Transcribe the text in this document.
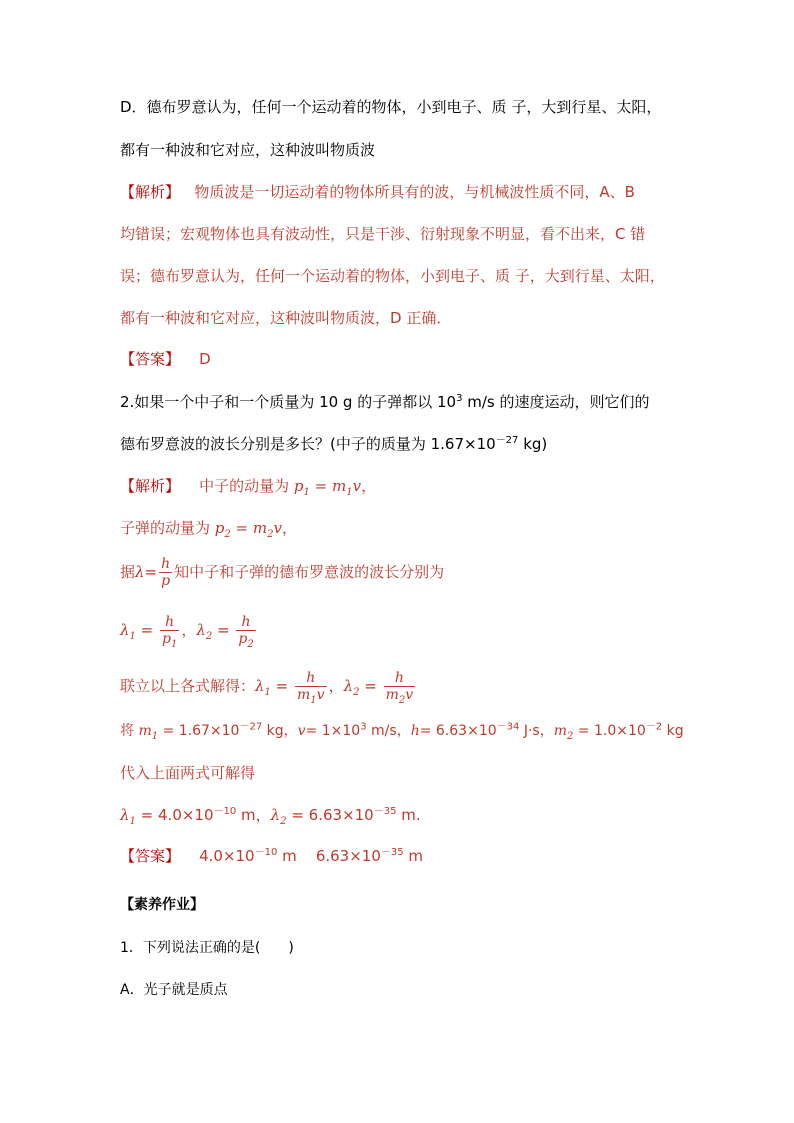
D．德布罗意认为，任何一个运动着的物体，小到电子、质 子，大到行星、太阳，
都有一种波和它对应，这种波叫物质波
【解析】 物质波是一切运动着的物体所具有的波，与机械波性质不同，A、B
均错误；宏观物体也具有波动性，只是干涉、衍射现象不明显，看不出来，C 错
误；德布罗意认为，任何一个运动着的物体，小到电子、质 子，大到行星、太阳，
都有一种波和它对应，这种波叫物质波，D 正确．
【答案】 D
2.如果一个中子和一个质量为 10 g 的子弹都以 $10^3$ m/s 的速度运动，则它们的
德布罗意波的波长分别是多长？(中子的质量为 $1.67\times 10^{-27}$ kg)
【解析】 中子的动量为 $p_1 = m_1v$，
子弹的动量为 $p_2 = m_2v$，
据$\lambda= \frac{h}{p}$ 知中子和子弹的德布罗意波的波长分别为
$\lambda_1 = \frac{h}{p_1}$ ，$\lambda_2 = \frac{h}{p_2}$
联立以上各式解得：$\lambda_1 = \frac{h}{m_1v}$ ，$\lambda_2 = \frac{h}{m_2v}$
将 $m_1 = 1.67\times 10^{-27}$ kg，$v= 1\times 10^3$ m/s，$h= 6.63\times 10^{-34}$ J·s，$m_2 = 1.0\times 10^{-2}$ kg
代入上面两式可解得
$\lambda_1 = 4.0\times 10^{-10}$ m，$\lambda_2 = 6.63\times 10^{-35}$ m.
【答案】 $4.0\times 10^{-10}$ m $6.63\times 10^{-35}$ m
【素养作业】
1．下列说法正确的是(　　)
A．光子就是质点
